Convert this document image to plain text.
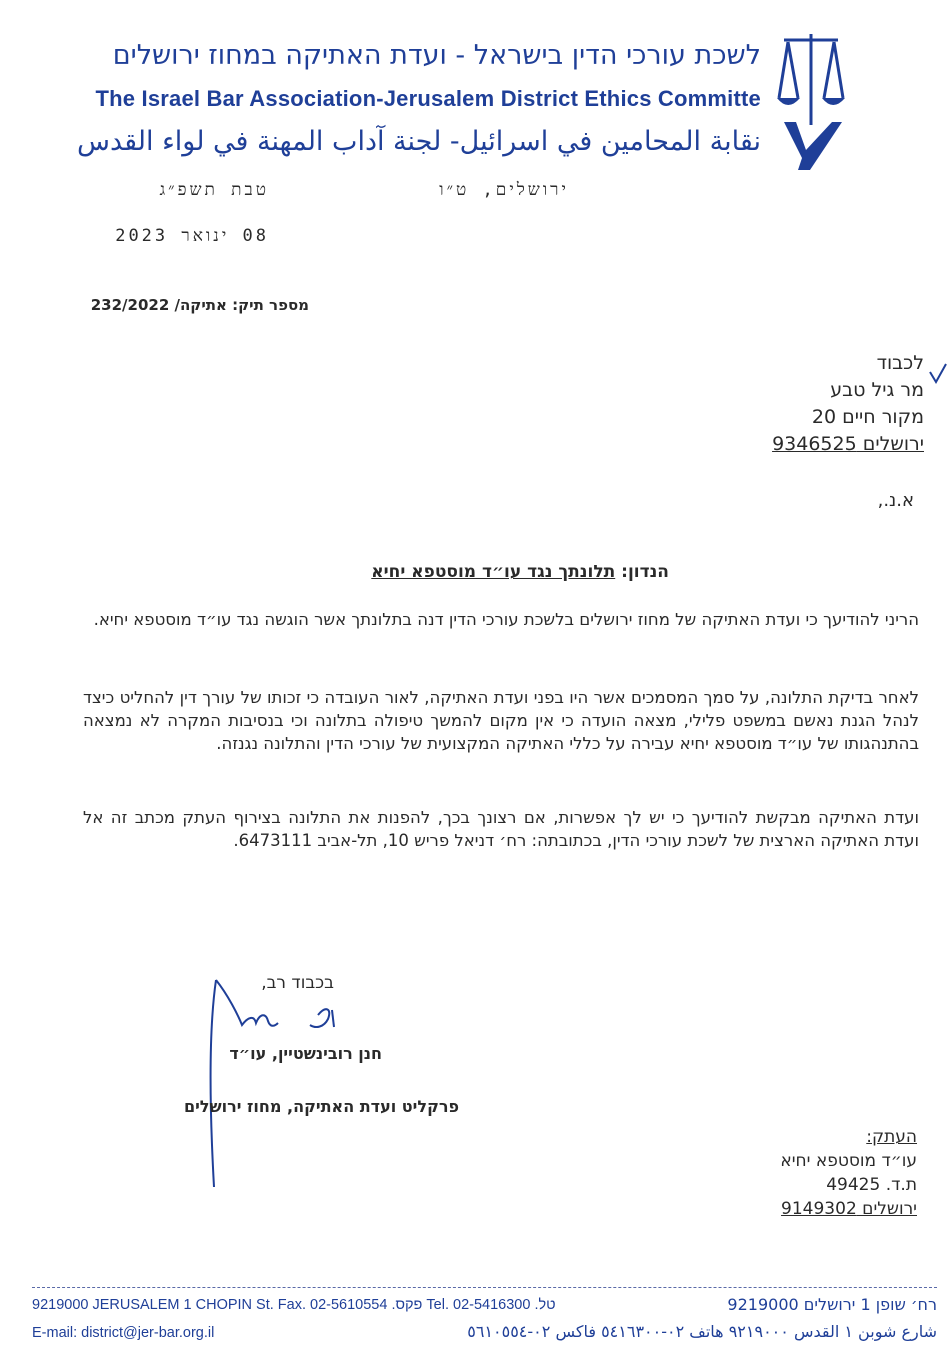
לשכת עורכי הדין בישראל - ועדת האתיקה במחוז ירושלים
The Israel Bar Association-Jerusalem District Ethics Committe
نقابة المحامين في اسرائيل- لجنة آداب المهنة في لواء القدس
ירושלים, ט״ו
טבת תשפ״ג
08 ינואר 2023
מספר תיק: אתיקה/ 232/2022
לכבוד
מר גיל טבע
מקור חיים 20
ירושלים 9346525
א.נ.,
הנדון: תלונתך נגד עו״ד מוסטפא יחיא
הריני להודיעך כי ועדת האתיקה של מחוז ירושלים בלשכת עורכי הדין דנה בתלונתך אשר הוגשה נגד עו״ד מוסטפא יחיא.
לאחר בדיקת התלונה, על סמך המסמכים אשר היו בפני ועדת האתיקה, לאור העובדה כי זכותו של עורך דין להחליט כיצד לנהל הגנת נאשם במשפט פלילי, מצאה הועדה כי אין מקום להמשך טיפולה בתלונה וכי בנסיבות המקרה לא נמצאה בהתנהגותו של עו״ד מוסטפא יחיא עבירה על כללי האתיקה המקצועית של עורכי הדין והתלונה נגנזה.
ועדת האתיקה מבקשת להודיעך כי יש לך אפשרות, אם רצונך בכך, להפנות את התלונה בצירוף העתק מכתב זה אל ועדת האתיקה הארצית של לשכת עורכי הדין, בכתובתה: רח׳ דניאל פריש 10, תל-אביב 6473111.
בכבוד רב,
חנן רובינשטיין, עו״ד
פרקליט ועדת האתיקה, מחוז ירושלים
העתק:
עו״ד מוסטפא יחיא
ת.ד. 49425
ירושלים 9149302
9219000 JERUSALEM 1 CHOPIN St. Fax. 02-5610554 .פקס Tel. 02-5416300 .טל	רח׳ שופן 1 ירושלים 9219000
E-mail: district@jer-bar.org.il	شارع شوبن ١ القدس ٩٢١٩٠٠٠ هاتف ٠٢-٥٤١٦٣٠٠ فاكس ٠٢-٥٦١٠٥٥٤
